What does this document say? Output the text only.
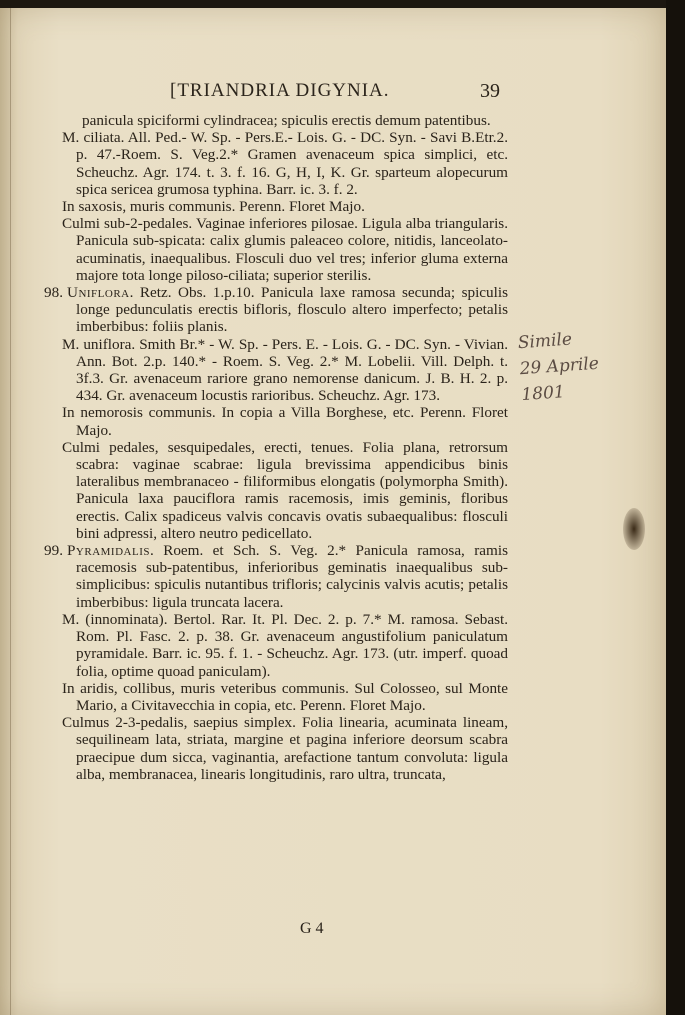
[TRIANDRIA DIGYNIA.	39

panicula spiciformi cylindracea; spiculis erectis demum patentibus.

M. ciliata. All. Ped.- W. Sp. - Pers.E.- Lois. G. - DC. Syn. - Savi B.Etr.2. p. 47.-Roem. S. Veg.2.* Gramen avenaceum spica simplici, etc. Scheuchz. Agr. 174. t. 3. f. 16. G, H, I, K. Gr. sparteum alopecurum spica sericea grumosa typhina. Barr. ic. 3. f. 2.

In saxosis, muris communis. Perenn. Floret Majo.

Culmi sub-2-pedales. Vaginae inferiores pilosae. Ligula alba triangularis. Panicula sub-spicata: calix glumis paleaceo colore, nitidis, lanceolato-acuminatis, inaequalibus. Flosculi duo vel tres; inferior gluma externa majore tota longe piloso-ciliata; superior sterilis.

98. Uniflora. Retz. Obs. 1.p.10. Panicula laxe ramosa secunda; spiculis longe pedunculatis erectis bifloris, flosculo altero imperfecto; petalis imberbibus: foliis planis.

M. uniflora. Smith Br.* - W. Sp. - Pers. E. - Lois. G. - DC. Syn. - Vivian. Ann. Bot. 2.p. 140.* - Roem. S. Veg. 2.* M. Lobelii. Vill. Delph. t. 3f.3. Gr. avenaceum rariore grano nemorense danicum. J. B. H. 2. p. 434. Gr. avenaceum locustis rarioribus. Scheuchz. Agr. 173.

In nemorosis communis. In copia a Villa Borghese, etc. Perenn. Floret Majo.

Culmi pedales, sesquipedales, erecti, tenues. Folia plana, retrorsum scabra: vaginae scabrae: ligula brevissima appendicibus binis lateralibus membranaceo - filiformibus elongatis (polymorpha Smith). Panicula laxa pauciflora ramis racemosis, imis geminis, floribus erectis. Calix spadiceus valvis concavis ovatis subaequalibus: flosculi bini adpressi, altero neutro pedicellato.

99. Pyramidalis. Roem. et Sch. S. Veg. 2.* Panicula ramosa, ramis racemosis sub-patentibus, inferioribus geminatis inaequalibus sub-simplicibus: spiculis nutantibus trifloris; calycinis valvis acutis; petalis imberbibus: ligula truncata lacera.

M. (innominata). Bertol. Rar. It. Pl. Dec. 2. p. 7.* M. ramosa. Sebast. Rom. Pl. Fasc. 2. p. 38. Gr. avenaceum angustifolium paniculatum pyramidale. Barr. ic. 95. f. 1. - Scheuchz. Agr. 173. (utr. imperf. quoad folia, optime quoad paniculam).

In aridis, collibus, muris veteribus communis. Sul Colosseo, sul Monte Mario, a Civitavecchia in copia, etc. Perenn. Floret Majo.

Culmus 2-3-pedalis, saepius simplex. Folia linearia, acuminata lineam, sequilineam lata, striata, margine et pagina inferiore deorsum scabra praecipue dum sicca, vaginantia, arefactione tantum convoluta: ligula alba, membranacea, linearis longitudinis, raro ultra, truncata,

G 4
Simile
29 Aprile
1801
